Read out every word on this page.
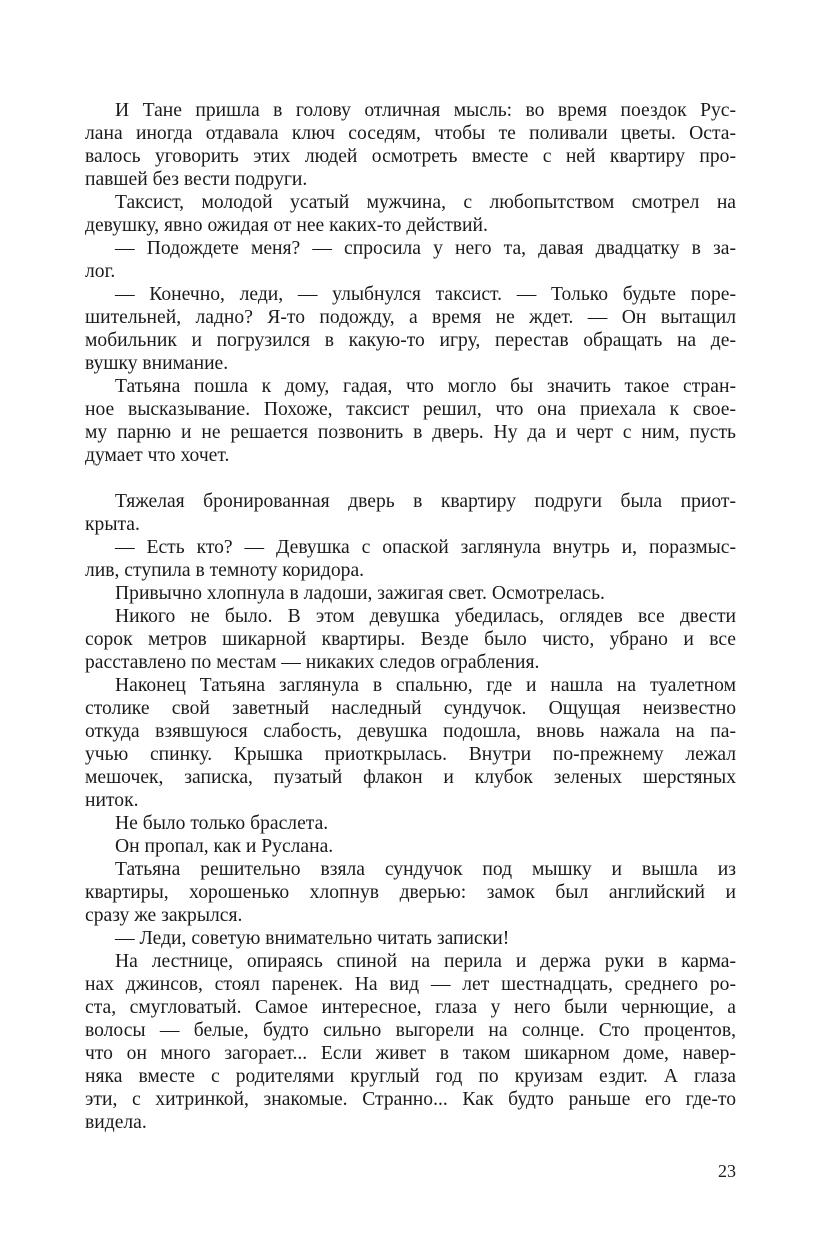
И Тане пришла в голову отличная мысль: во время поездок Рус-
лана иногда отдавала ключ соседям, чтобы те поливали цветы. Оста-
валось уговорить этих людей осмотреть вместе с ней квартиру про-
павшей без вести подруги.
Таксист, молодой усатый мужчина, с любопытством смотрел на
девушку, явно ожидая от нее каких-то действий.
— Подождете меня? — спросила у него та, давая двадцатку в за-
лог.
— Конечно, леди, — улыбнулся таксист. — Только будьте поре-
шительней, ладно? Я-то подожду, а время не ждет. — Он вытащил
мобильник и погрузился в какую-то игру, перестав обращать на де-
вушку внимание.
Татьяна пошла к дому, гадая, что могло бы значить такое стран-
ное высказывание. Похоже, таксист решил, что она приехала к свое-
му парню и не решается позвонить в дверь. Ну да и черт с ним, пусть
думает что хочет.
Тяжелая бронированная дверь в квартиру подруги была приот-
крыта.
— Есть кто? — Девушка с опаской заглянула внутрь и, поразмыс-
лив, ступила в темноту коридора.
Привычно хлопнула в ладоши, зажигая свет. Осмотрелась.
Никого не было. В этом девушка убедилась, оглядев все двести
сорок метров шикарной квартиры. Везде было чисто, убрано и все
расставлено по местам — никаких следов ограбления.
Наконец Татьяна заглянула в спальню, где и нашла на туалетном
столике свой заветный наследный сундучок. Ощущая неизвестно
откуда взявшуюся слабость, девушка подошла, вновь нажала на па-
учью спинку. Крышка приоткрылась. Внутри по-прежнему лежал
мешочек, записка, пузатый флакон и клубок зеленых шерстяных
ниток.
Не было только браслета.
Он пропал, как и Руслана.
Татьяна решительно взяла сундучок под мышку и вышла из
квартиры, хорошенько хлопнув дверью: замок был английский и
сразу же закрылся.
— Леди, советую внимательно читать записки!
На лестнице, опираясь спиной на перила и держа руки в карма-
нах джинсов, стоял паренек. На вид — лет шестнадцать, среднего ро-
ста, смугловатый. Самое интересное, глаза у него были чернющие, а
волосы — белые, будто сильно выгорели на солнце. Сто процентов,
что он много загорает... Если живет в таком шикарном доме, навер-
няка вместе с родителями круглый год по круизам ездит. А глаза
эти, с хитринкой, знакомые. Странно... Как будто раньше его где-то
видела.
23
